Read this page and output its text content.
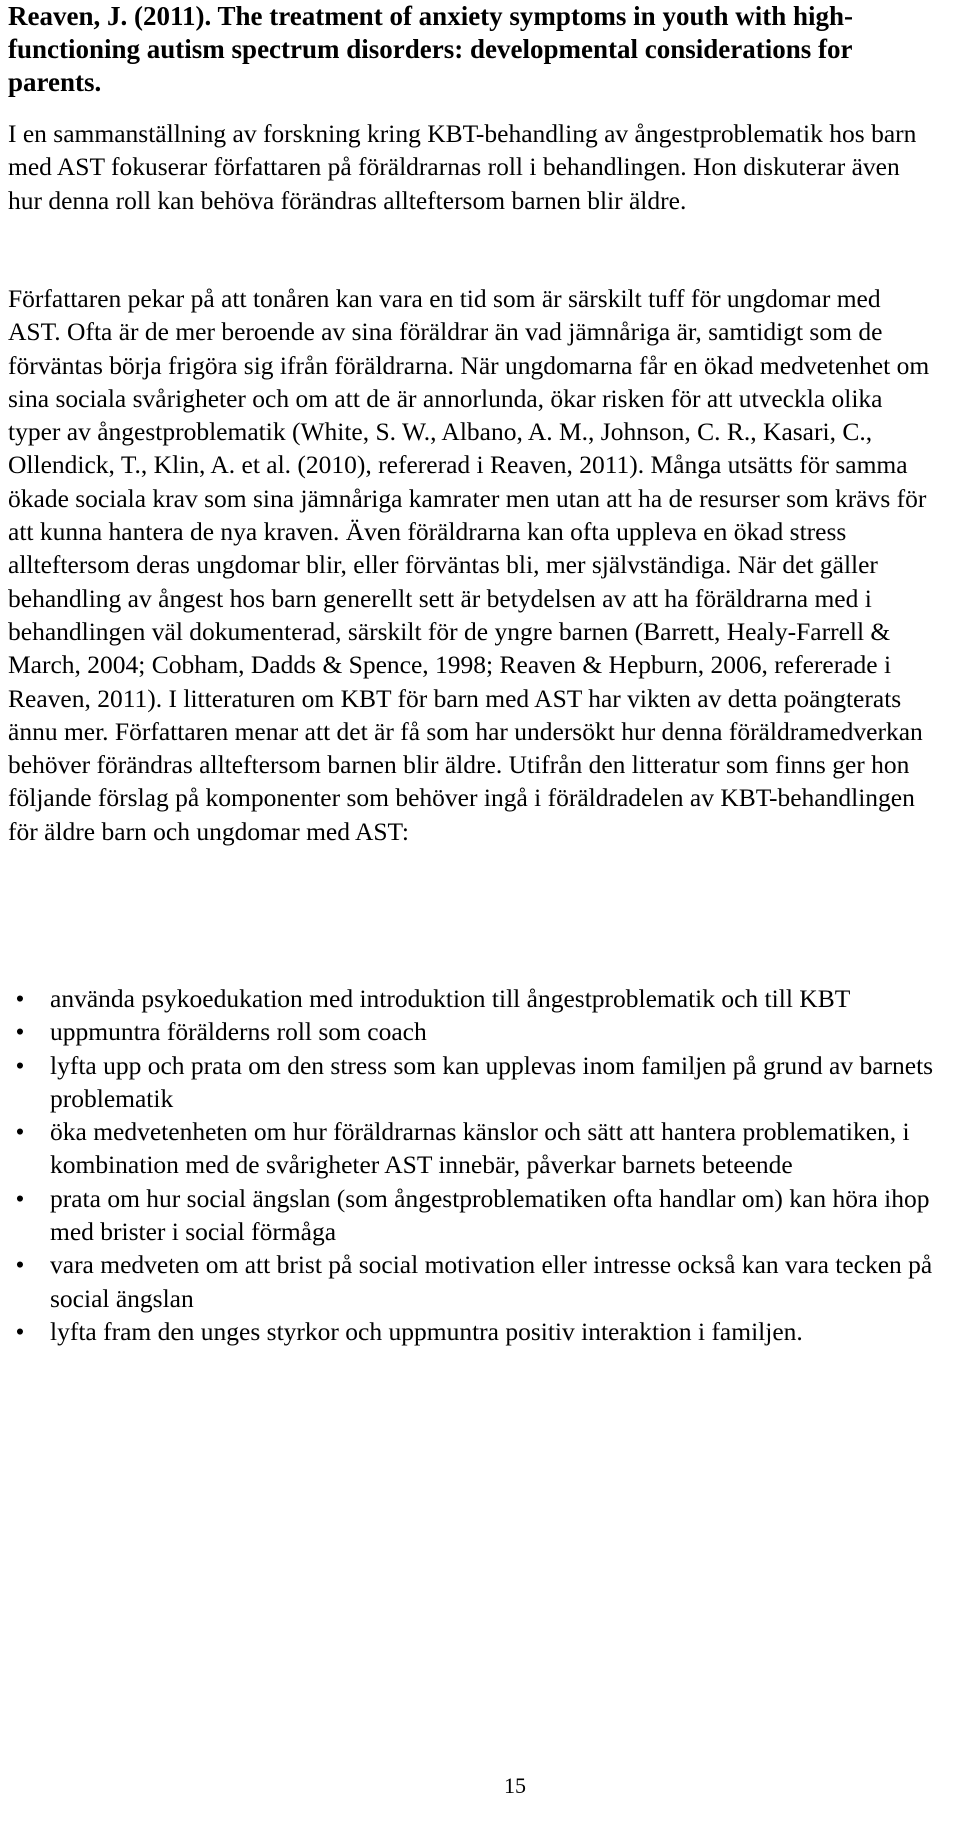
Reaven, J. (2011). The treatment of anxiety symptoms in youth with high-functioning autism spectrum disorders: developmental considerations for parents.

I en sammanställning av forskning kring KBT-behandling av ångestproblematik hos barn med AST fokuserar författaren på föräldrarnas roll i behandlingen. Hon diskuterar även hur denna roll kan behöva förändras allteftersom barnen blir äldre.

Författaren pekar på att tonåren kan vara en tid som är särskilt tuff för ungdomar med AST. Ofta är de mer beroende av sina föräldrar än vad jämnåriga är, samtidigt som de förväntas börja frigöra sig ifrån föräldrarna. När ungdomarna får en ökad medvetenhet om sina sociala svårigheter och om att de är annorlunda, ökar risken för att utveckla olika typer av ångestproblematik (White, S. W., Albano, A. M., Johnson, C. R., Kasari, C., Ollendick, T., Klin, A. et al. (2010), refererad i Reaven, 2011). Många utsätts för samma ökade sociala krav som sina jämnåriga kamrater men utan att ha de resurser som krävs för att kunna hantera de nya kraven. Även föräldrarna kan ofta uppleva en ökad stress allteftersom deras ungdomar blir, eller förväntas bli, mer självständiga. När det gäller behandling av ångest hos barn generellt sett är betydelsen av att ha föräldrarna med i behandlingen väl dokumenterad, särskilt för de yngre barnen (Barrett, Healy-Farrell & March, 2004; Cobham, Dadds & Spence, 1998; Reaven & Hepburn, 2006, refererade i Reaven, 2011). I litteraturen om KBT för barn med AST har vikten av detta poängterats ännu mer. Författaren menar att det är få som har undersökt hur denna föräldramedverkan behöver förändras allteftersom barnen blir äldre. Utifrån den litteratur som finns ger hon följande förslag på komponenter som behöver ingå i föräldradelen av KBT-behandlingen för äldre barn och ungdomar med AST:

• använda psykoedukation med introduktion till ångestproblematik och till KBT
• uppmuntra förälderns roll som coach
• lyfta upp och prata om den stress som kan upplevas inom familjen på grund av barnets problematik
• öka medvetenheten om hur föräldrarnas känslor och sätt att hantera problematiken, i kombination med de svårigheter AST innebär, påverkar barnets beteende
• prata om hur social ängslan (som ångestproblematiken ofta handlar om) kan höra ihop med brister i social förmåga
• vara medveten om att brist på social motivation eller intresse också kan vara tecken på social ängslan
• lyfta fram den unges styrkor och uppmuntra positiv interaktion i familjen.
15
